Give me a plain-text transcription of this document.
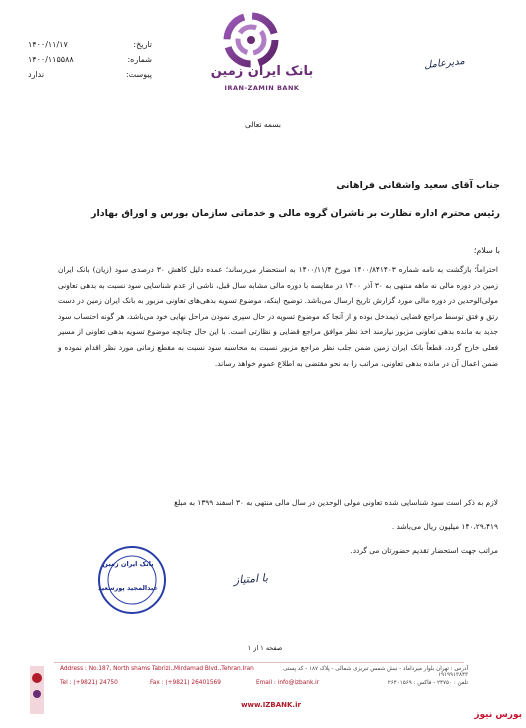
بانک ایران زمین
IRAN-ZAMIN BANK
۱۴۰۰/۱۱/۱۷	تاریخ:
۱۴۰۰/۱۱۵۵۸۸	شماره:
ندارد	پیوست:
مدیرعامل
بسمه تعالی
جناب آقای سعید واشقانی فراهانی
رئیس محترم اداره نظارت بر ناشران گروه مالی و خدماتی سازمان بورس و اوراق بهادار
با سلام؛
احتراماً؛ بازگشت به نامه شماره ۱۴۰۰/۸۴۱۴۰۳ مورخ ۱۴۰۰/۱۱/۴ به استحضار می‌رساند؛ عمده دلیل کاهش ۳۰ درصدی سود (زیان) بانک ایران زمین در دوره مالی نه ماهه منتهی به ۳۰ آذر ۱۴۰۰ در مقایسه با دوره مالی مشابه سال قبل، ناشی از عدم شناسایی سود نسبت به بدهی تعاونی مولی‌الوحدین در دوره مالی مورد گزارش تاریخ ارسال می‌باشد. توضیح اینکه، موضوع تسویه بدهی‌های تعاونی مزبور به بانک ایران زمین در دست رتق و فتق توسط مراجع قضایی ذیمدخل بوده و از آنجا که موضوع تسویه در حال سپری نمودن مراحل نهایی خود می‌باشد، هر گونه احتساب سود جدید به مانده بدهی تعاونی مزبور نیازمند اخذ نظر موافق مراجع قضایی و نظارتی است. با این حال چنانچه موضوع تسویه بدهی تعاونی از مسیر فعلی خارج گردد، قطعاً بانک ایران زمین ضمن جلب نظر مراجع مزبور نسبت به محاسبه سود نسبت به مقطع زمانی مورد نظر اقدام نموده و ضمن اعمال آن در مانده بدهی تعاونی، مراتب را به نحو مقتضی به اطلاع عموم خواهد رساند.
لازم به ذکر است سود شناسایی شده تعاونی مولی الوحدین در سال مالی منتهی به ۳۰ اسفند ۱۳۹۹ به مبلغ
۱۴۰،۲۹،۴۱۹ میلیون ریال می‌باشد .
مراتب جهت استحضار تقدیم حضورتان می گردد.
بانک ایران زمین
عبدالمجید پورسعید
با امتیاز
صفحه ۱ از ۱
Address : No.187, North shams Tabrizi.,Mirdamad Blvd.,Tehran.Iran	آدرس : تهران بلوار میرداماد - نبش شمس تبریزی شمالی - پلاک ۱۸۷ - کد پستی ۱۹۱۹۹۱۳۸۴۳
Tel : (+9821) 24750	Fax : (+9821) 26401569	Email : info@izbank.ir	تلفن : ۲۴۷۵۰ - فاکس : ۲۶۴۰۱۵۶۹
www.IZBANK.ir
بورس نیوز
